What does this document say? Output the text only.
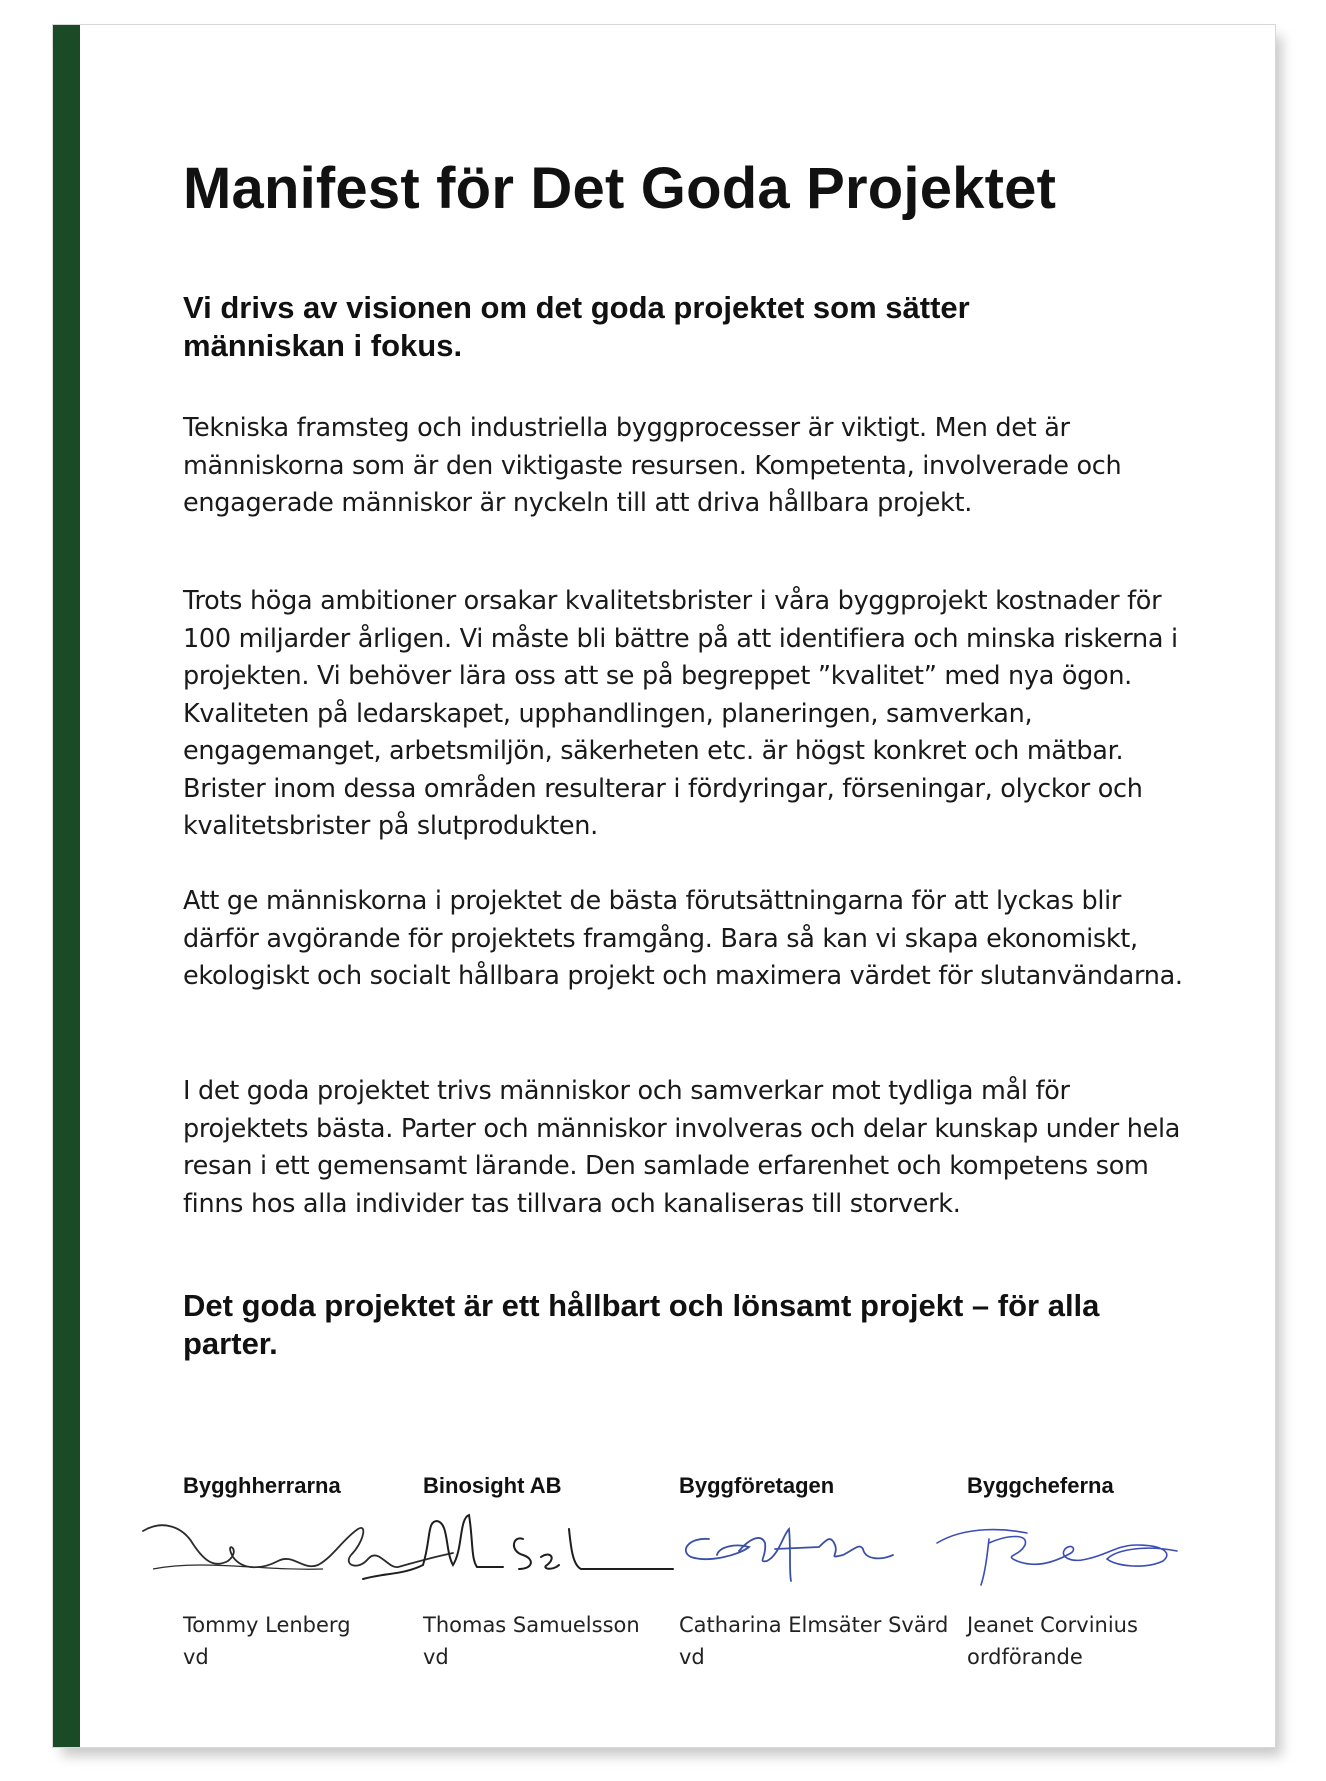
Manifest för Det Goda Projektet
Vi drivs av visionen om det goda projektet som sätter människan i fokus.
Tekniska framsteg och industriella byggprocesser är viktigt. Men det är människorna som är den viktigaste resursen. Kompetenta, involverade och engagerade människor är nyckeln till att driva hållbara projekt.
Trots höga ambitioner orsakar kvalitetsbrister i våra byggprojekt kostnader för 100 miljarder årligen. Vi måste bli bättre på att identifiera och minska riskerna i projekten. Vi behöver lära oss att se på begreppet ”kvalitet” med nya ögon. Kvaliteten på ledarskapet, upphandlingen, planeringen, samverkan, engagemanget, arbetsmiljön, säkerheten etc. är högst konkret och mätbar. Brister inom dessa områden resulterar i fördyringar, förseningar, olyckor och kvalitetsbrister på slutprodukten.
Att ge människorna i projektet de bästa förutsättningarna för att lyckas blir därför avgörande för projektets framgång. Bara så kan vi skapa ekonomiskt, ekologiskt och socialt hållbara projekt och maximera värdet för slutanvändarna.
I det goda projektet trivs människor och samverkar mot tydliga mål för projektets bästa. Parter och människor involveras och delar kunskap under hela resan i ett gemensamt lärande. Den samlade erfarenhet och kompetens som finns hos alla individer tas tillvara och kanaliseras till storverk.
Det goda projektet är ett hållbart och lönsamt projekt – för alla parter.
Bygghherrarna
Tommy Lenberg
vd
Binosight AB
Thomas Samuelsson
vd
Byggföretagen
Catharina Elmsäter Svärd
vd
Byggcheferna
Jeanet Corvinius
ordförande
